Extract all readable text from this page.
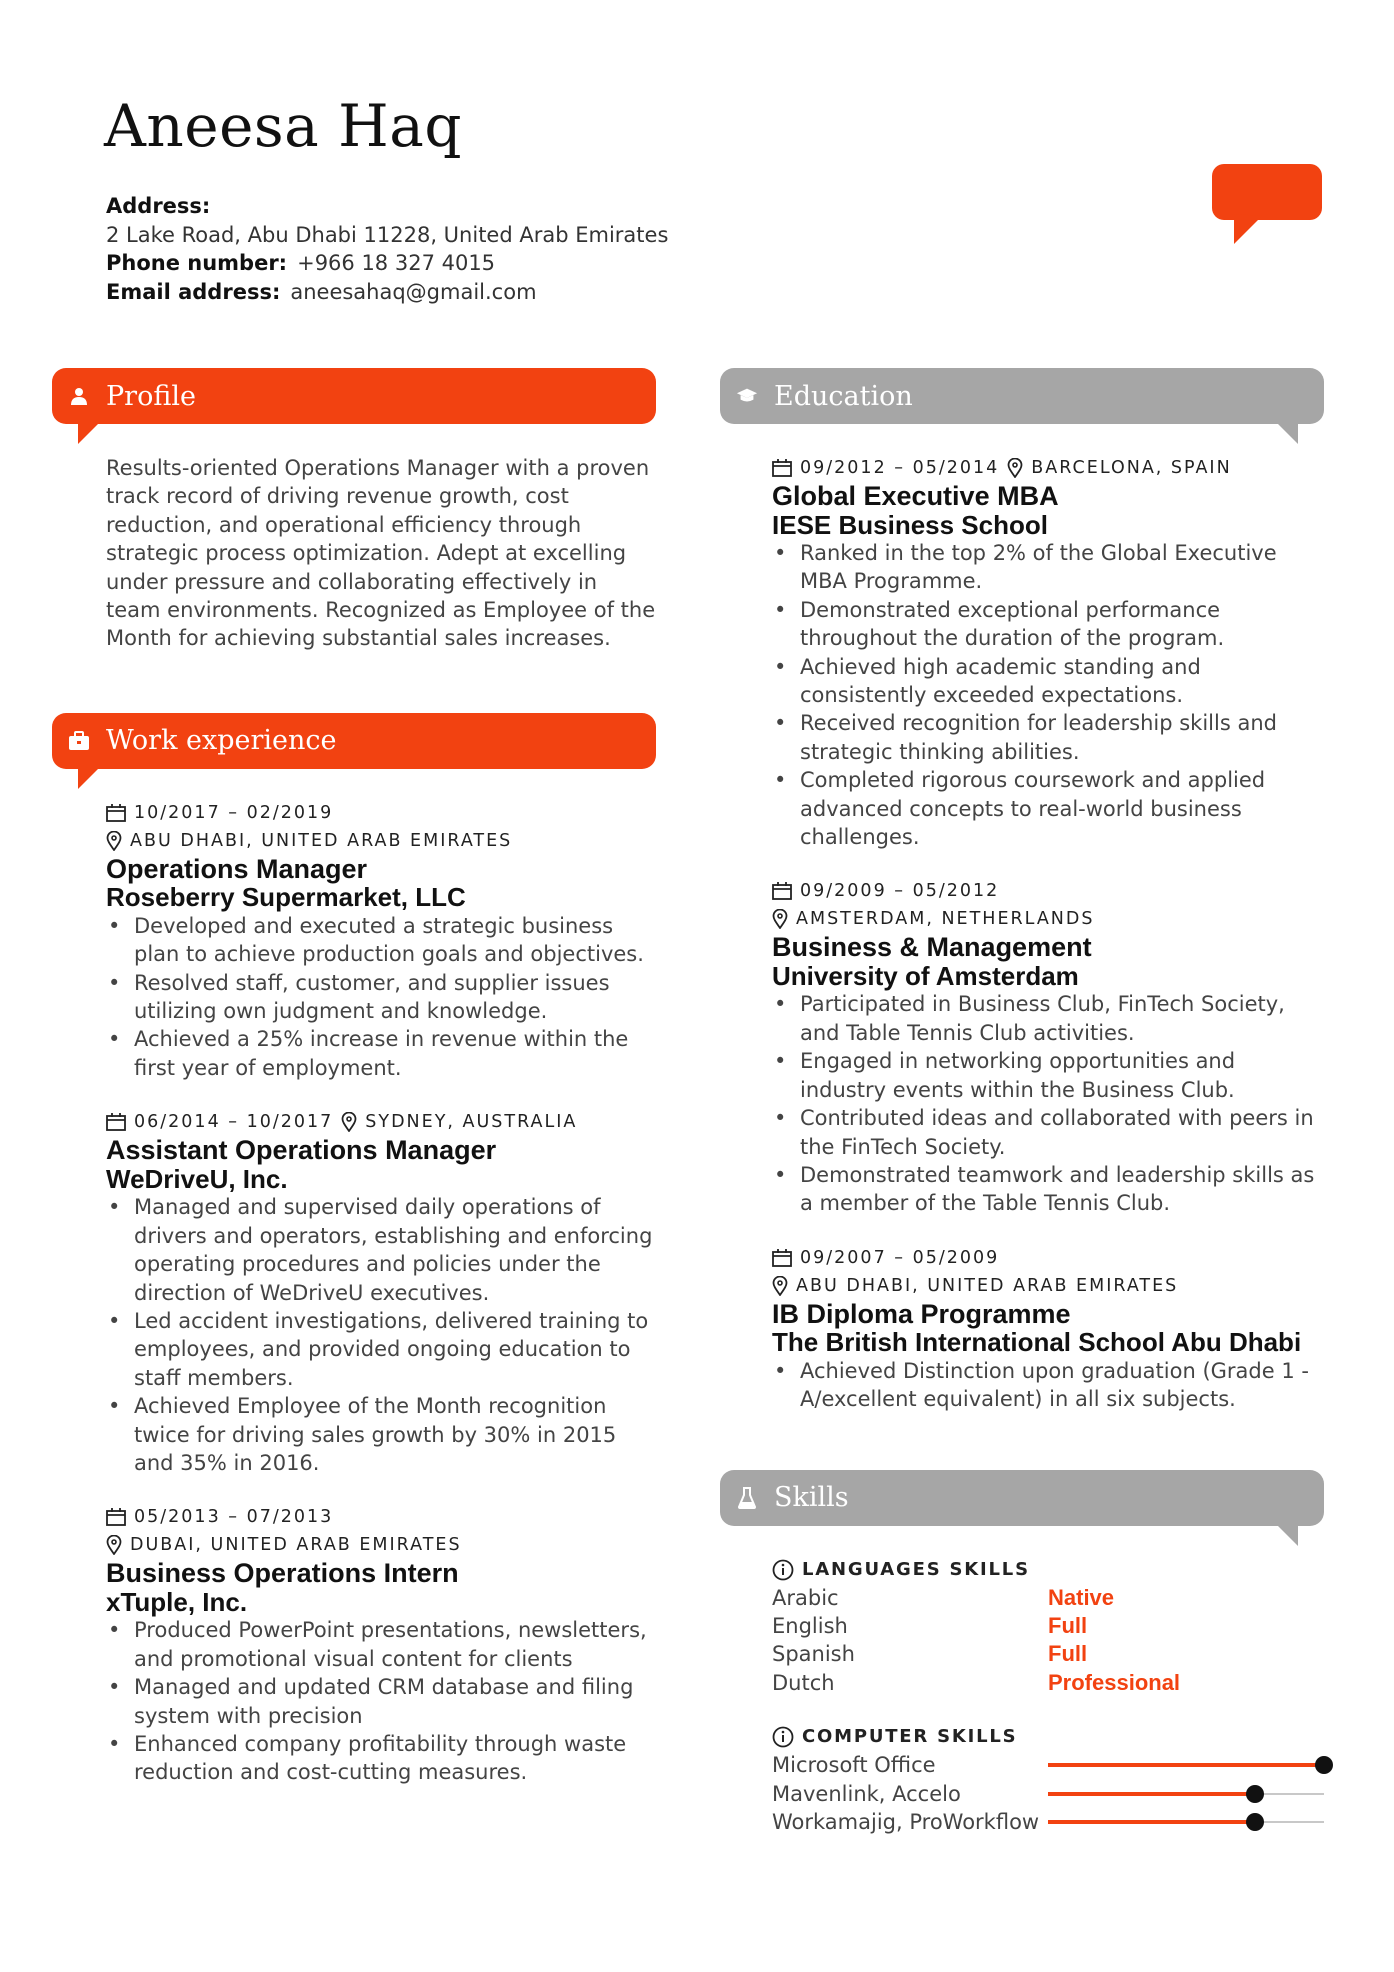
Aneesa Haq
Address:
2 Lake Road, Abu Dhabi 11228, United Arab Emirates
Phone number: +966 18 327 4015
Email address: aneesahaq@gmail.com
Profile

Results-oriented Operations Manager with a proven track record of driving revenue growth, cost reduction, and operational efficiency through strategic process optimization. Adept at excelling under pressure and collaborating effectively in team environments. Recognized as Employee of the Month for achieving substantial sales increases.

Work experience
10/2017 – 02/2019
ABU DHABI, UNITED ARAB EMIRATES

Operations Manager

Roseberry Supermarket, LLC

• Developed and executed a strategic business plan to achieve production goals and objectives.
• Resolved staff, customer, and supplier issues utilizing own judgment and knowledge.
• Achieved a 25% increase in revenue within the first year of employment.
06/2014 – 10/2017 SYDNEY, AUSTRALIA

Assistant Operations Manager

WeDriveU, Inc.

• Managed and supervised daily operations of drivers and operators, establishing and enforcing operating procedures and policies under the direction of WeDriveU executives.
• Led accident investigations, delivered training to employees, and provided ongoing education to staff members.
• Achieved Employee of the Month recognition twice for driving sales growth by 30% in 2015 and 35% in 2016.
05/2013 – 07/2013
DUBAI, UNITED ARAB EMIRATES

Business Operations Intern

xTuple, Inc.

• Produced PowerPoint presentations, newsletters, and promotional visual content for clients
• Managed and updated CRM database and filing system with precision
• Enhanced company profitability through waste reduction and cost-cutting measures.
Education
09/2012 – 05/2014 BARCELONA, SPAIN

Global Executive MBA

IESE Business School

• Ranked in the top 2% of the Global Executive MBA Programme.
• Demonstrated exceptional performance throughout the duration of the program.
• Achieved high academic standing and consistently exceeded expectations.
• Received recognition for leadership skills and strategic thinking abilities.
• Completed rigorous coursework and applied advanced concepts to real-world business challenges.
09/2009 – 05/2012
AMSTERDAM, NETHERLANDS

Business & Management

University of Amsterdam

• Participated in Business Club, FinTech Society, and Table Tennis Club activities.
• Engaged in networking opportunities and industry events within the Business Club.
• Contributed ideas and collaborated with peers in the FinTech Society.
• Demonstrated teamwork and leadership skills as a member of the Table Tennis Club.
09/2007 – 05/2009
ABU DHABI, UNITED ARAB EMIRATES

IB Diploma Programme

The British International School Abu Dhabi

• Achieved Distinction upon graduation (Grade 1 - A/excellent equivalent) in all six subjects.
Skills
LANGUAGES SKILLS
Arabic	Native
English	Full
Spanish	Full
Dutch	Professional
COMPUTER SKILLS
Microsoft Office
Mavenlink, Accelo
Workamajig, ProWorkflow
